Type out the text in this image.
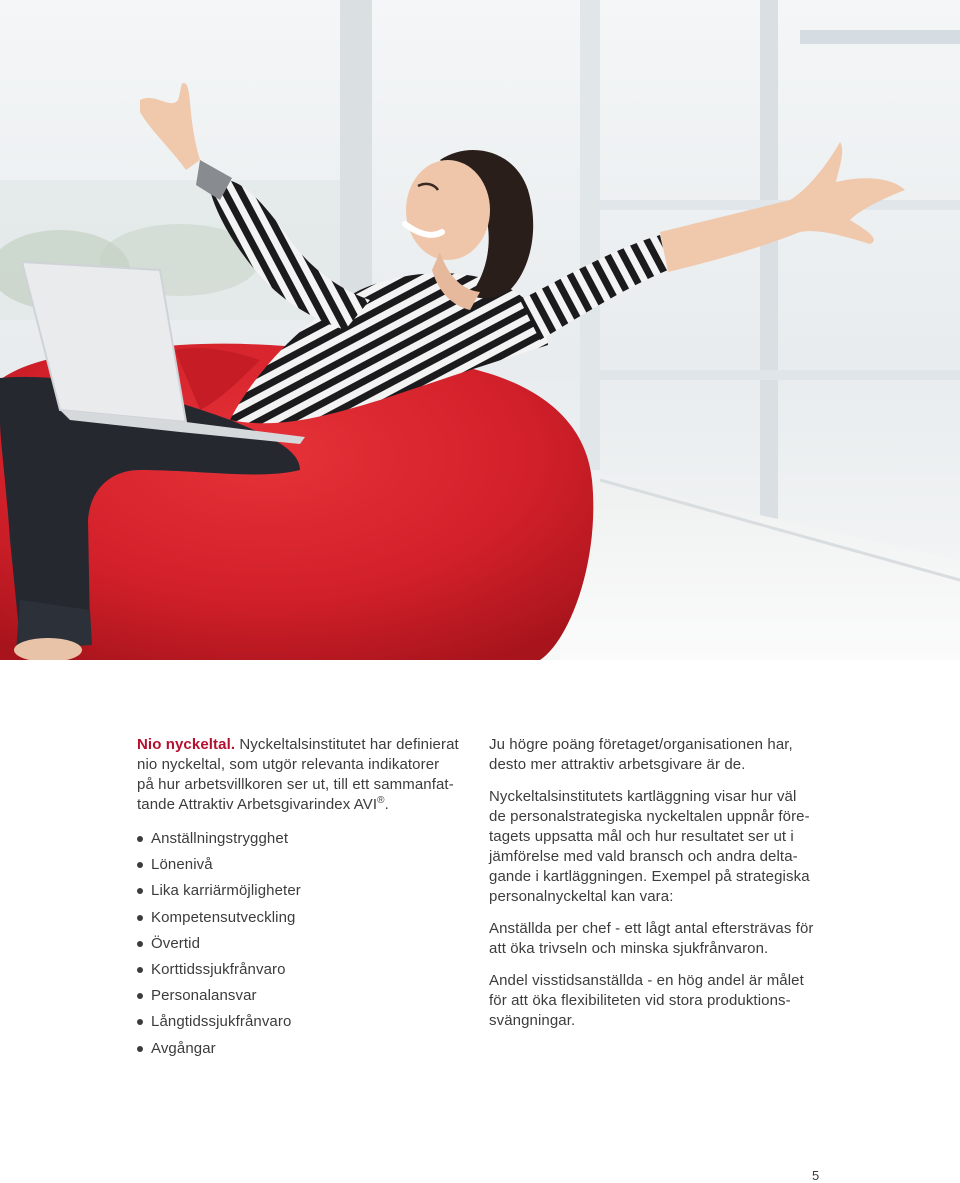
Nio nyckeltal. Nyckeltalsinstitutet har definierat
nio nyckeltal, som utgör relevanta indikatorer
på hur arbetsvillkoren ser ut, till ett sammanfat-
tande Attraktiv Arbetsgivarindex AVI®.
Anställningstrygghet
Lönenivå
Lika karriärmöjligheter
Kompetensutveckling
Övertid
Korttidssjukfrånvaro
Personalansvar
Långtidssjukfrånvaro
Avgångar
Ju högre poäng företaget/organisationen har,
desto mer attraktiv arbetsgivare är de.
Nyckeltalsinstitutets kartläggning visar hur väl
de personalstrategiska nyckeltalen uppnår före-
tagets uppsatta mål och hur resultatet ser ut i
jämförelse med vald bransch och andra delta-
gande i kartläggningen. Exempel på strategiska
personalnyckeltal kan vara:
Anställda per chef - ett lågt antal eftersträvas för
att öka trivseln och minska sjukfrånvaron.
Andel visstidsanställda - en hög andel är målet
för att öka flexibiliteten vid stora produktions-
svängningar.
5
